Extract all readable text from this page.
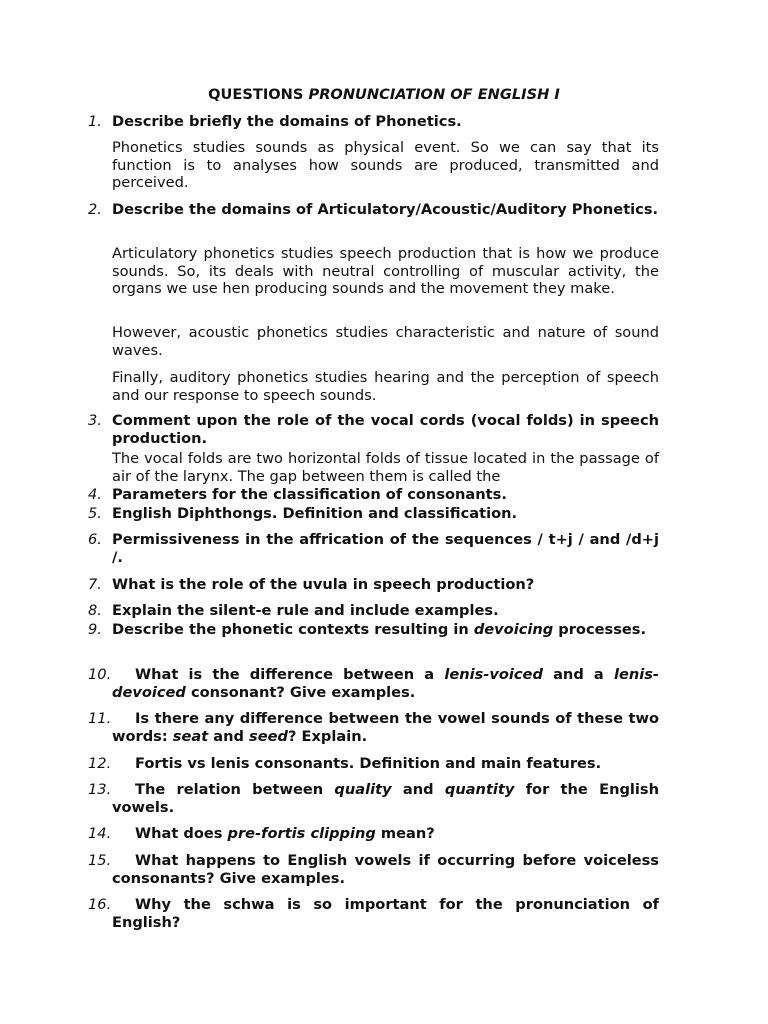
QUESTIONS PRONUNCIATION OF ENGLISH I
1. Describe briefly the domains of Phonetics.
Phonetics studies sounds as physical event. So we can say that its function is to analyses how sounds are produced, transmitted and perceived.
2. Describe the domains of Articulatory/Acoustic/Auditory Phonetics.
Articulatory phonetics studies speech production that is how we produce sounds. So, its deals with neutral controlling of muscular activity, the organs we use hen producing sounds and the movement they make.
However, acoustic phonetics studies characteristic and nature of sound waves.
Finally, auditory phonetics studies hearing and the perception of speech and our response to speech sounds.
3. Comment upon the role of the vocal cords (vocal folds) in speech production.
The vocal folds are two horizontal folds of tissue located in the passage of air of the larynx. The gap between them is called the
4. Parameters for the classification of consonants.
5. English Diphthongs. Definition and classification.
6. Permissiveness in the affrication of the sequences / t+j / and /d+j /.
7. What is the role of the uvula in speech production?
8. Explain the silent-e rule and include examples.
9. Describe the phonetic contexts resulting in devoicing processes.
10.	What is the difference between a lenis-voiced and a lenis-devoiced consonant? Give examples.
11.	Is there any difference between the vowel sounds of these two words: seat and seed? Explain.
12.	Fortis vs lenis consonants. Definition and main features.
13.	The relation between quality and quantity for the English vowels.
14.	What does pre-fortis clipping mean?
15.	What happens to English vowels if occurring before voiceless consonants? Give examples.
16.	Why the schwa is so important for the pronunciation of English?
